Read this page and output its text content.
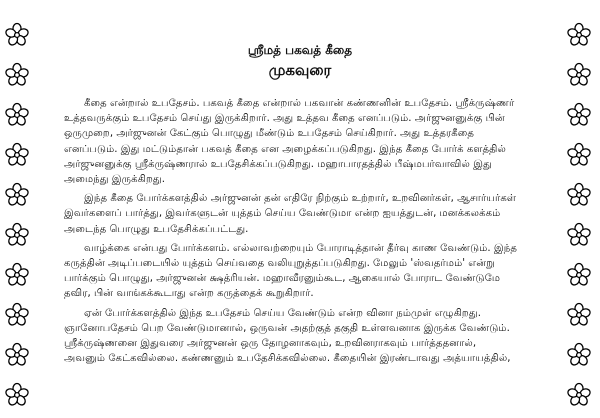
ஸ்ரீமத் பகவத் கீதை

முகவுரை

கீதை என்றால் உபதேசம். பகவத் கீதை என்றால் பகவான் கண்ணனின் உபதேசம். ஸ்ரீக்ருஷ்ணர்
உத்தவருக்கும் உபதேசம் செய்து இருக்கிறார். அது உத்தவ கீதை எனப்படும். அர்ஜுனனுக்கு பின்
ஒருமுறை, அர்ஜுனன் கேட்கும் பொழுது மீண்டும் உபதேசம் செய்கிறார். அது உத்தரகீதை
எனப்படும். இது மட்டும்தான் பகவத் கீதை என அழைக்கப்படுகிறது. இந்த கீதை போர்க் களத்தில்
அர்ஜுனனுக்கு ஸ்ரீக்ருஷ்ணரால் உபதேசிக்கப்படுகிறது. மஹாபாரதத்தில் பீஷ்மபர்வாவில் இது
அமைந்து இருக்கிறது.
இந்த கீதை போர்க்களத்தில் அர்ஜுனன் தன் எதிரே நிற்கும் உற்றார், உறவினர்கள், ஆசார்யர்கள்
இவர்களைப் பார்த்து, இவர்களுடன் யுத்தம் செய்ய வேண்டுமா என்ற ஐயத்துடன், மனக்கலக்கம்
அடைந்த பொழுது உபதேசிக்கப்பட்டது.
வாழ்க்கை என்பது போர்க்களம். எல்லாவற்றையும் போராடித்தான் தீர்வு காண வேண்டும். இந்த
கருத்தின் அடிப்படையில் யுத்தம் செய்வதை வலியுறுத்தப்படுகிறது. மேலும் 'ஸ்வதர்மம்' என்று
பார்க்கும் பொழுது, அர்ஜுனன் க்ஷத்ரியன். மஹாவீரனும்கூட, ஆகையால் போராட வேண்டுமே
தவிர, பின் வாங்கக்கூடாது என்ற கருத்தைக் கூறுகிறார்.
ஏன் போர்க்களத்தில் இந்த உபதேசம் செய்ய வேண்டும் என்ற வினா நம்முள் எழுகிறது.
ஞானோபதேசம் பெற வேண்டுமானால், ஒருவன் அதற்குத் தகுதி உள்ளவனாக இருக்க வேண்டும்.
ஸ்ரீக்ருஷ்ணனை இதுவரை அர்ஜுனன் ஒரு தோழனாகவும், உறவினராகவும் பார்த்ததனால்,
அவனும் கேட்கவில்லை. கண்ணனும் உபதேசிக்கவில்லை. கீதையின் இரண்டாவது அத்யாயத்தில்,
